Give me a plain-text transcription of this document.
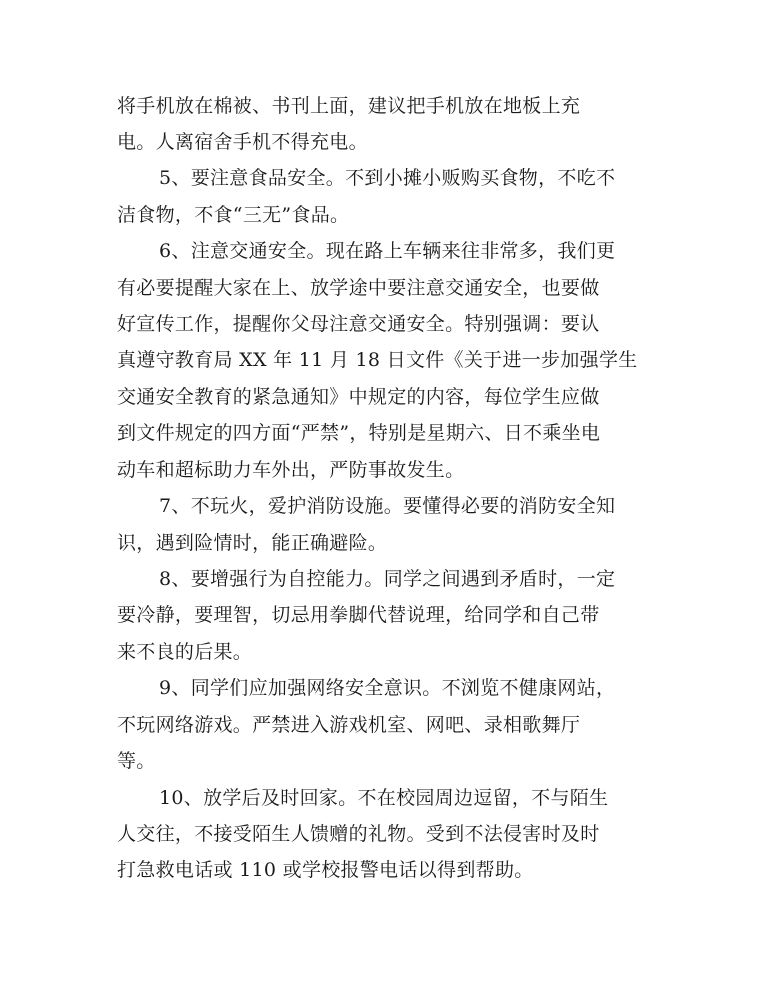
将手机放在棉被、书刊上面，建议把手机放在地板上充
电。人离宿舍手机不得充电。
5、要注意食品安全。不到小摊小贩购买食物，不吃不
洁食物，不食“三无”食品。
6、注意交通安全。现在路上车辆来往非常多，我们更
有必要提醒大家在上、放学途中要注意交通安全，也要做
好宣传工作，提醒你父母注意交通安全。特别强调：要认
真遵守教育局 XX 年 11 月 18 日文件《关于进一步加强学生
交通安全教育的紧急通知》中规定的内容，每位学生应做
到文件规定的四方面“严禁”，特别是星期六、日不乘坐电
动车和超标助力车外出，严防事故发生。
7、不玩火，爱护消防设施。要懂得必要的消防安全知
识，遇到险情时，能正确避险。
8、要增强行为自控能力。同学之间遇到矛盾时，一定
要冷静，要理智，切忌用拳脚代替说理，给同学和自己带
来不良的后果。
9、同学们应加强网络安全意识。不浏览不健康网站，
不玩网络游戏。严禁进入游戏机室、网吧、录相歌舞厅
等。
10、放学后及时回家。不在校园周边逗留，不与陌生
人交往，不接受陌生人馈赠的礼物。受到不法侵害时及时
打急救电话或 110 或学校报警电话以得到帮助。
